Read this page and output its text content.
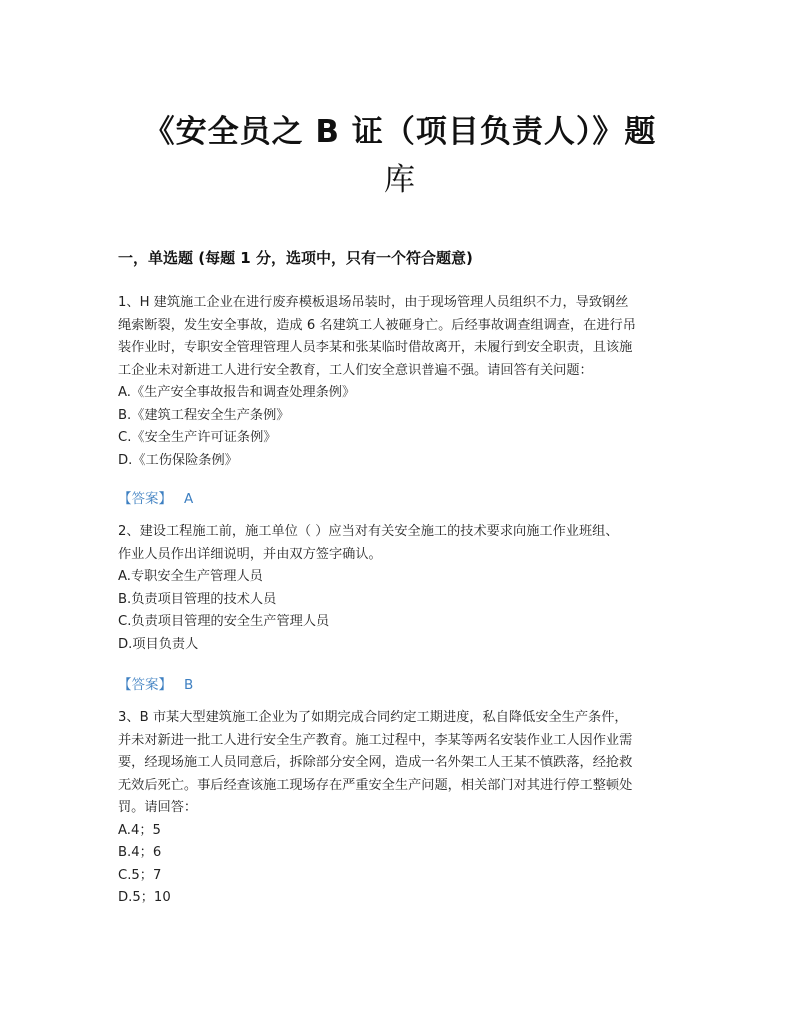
《安全员之 B 证（项目负责人）》题
库
一，单选题 (每题 1 分，选项中，只有一个符合题意)

1、H 建筑施工企业在进行废弃模板退场吊装时，由于现场管理人员组织不力，导致钢丝

绳索断裂，发生安全事故，造成 6 名建筑工人被砸身亡。后经事故调查组调查，在进行吊

装作业时，专职安全管理管理人员李某和张某临时借故离开，未履行到安全职责，且该施

工企业未对新进工人进行安全教育，工人们安全意识普遍不强。请回答有关问题：

A.《生产安全事故报告和调查处理条例》

B.《建筑工程安全生产条例》

C.《安全生产许可证条例》

D.《工伤保险条例》

【答案】 A

2、建设工程施工前，施工单位（ ）应当对有关安全施工的技术要求向施工作业班组、

作业人员作出详细说明，并由双方签字确认。

A.专职安全生产管理人员

B.负责项目管理的技术人员

C.负责项目管理的安全生产管理人员

D.项目负责人

【答案】 B

3、B 市某大型建筑施工企业为了如期完成合同约定工期进度，私自降低安全生产条件，

并未对新进一批工人进行安全生产教育。施工过程中，李某等两名安装作业工人因作业需

要，经现场施工人员同意后，拆除部分安全网，造成一名外架工人王某不慎跌落，经抢救

无效后死亡。事后经查该施工现场存在严重安全生产问题，相关部门对其进行停工整顿处

罚。请回答：

A.4；5

B.4；6

C.5；7

D.5；10
